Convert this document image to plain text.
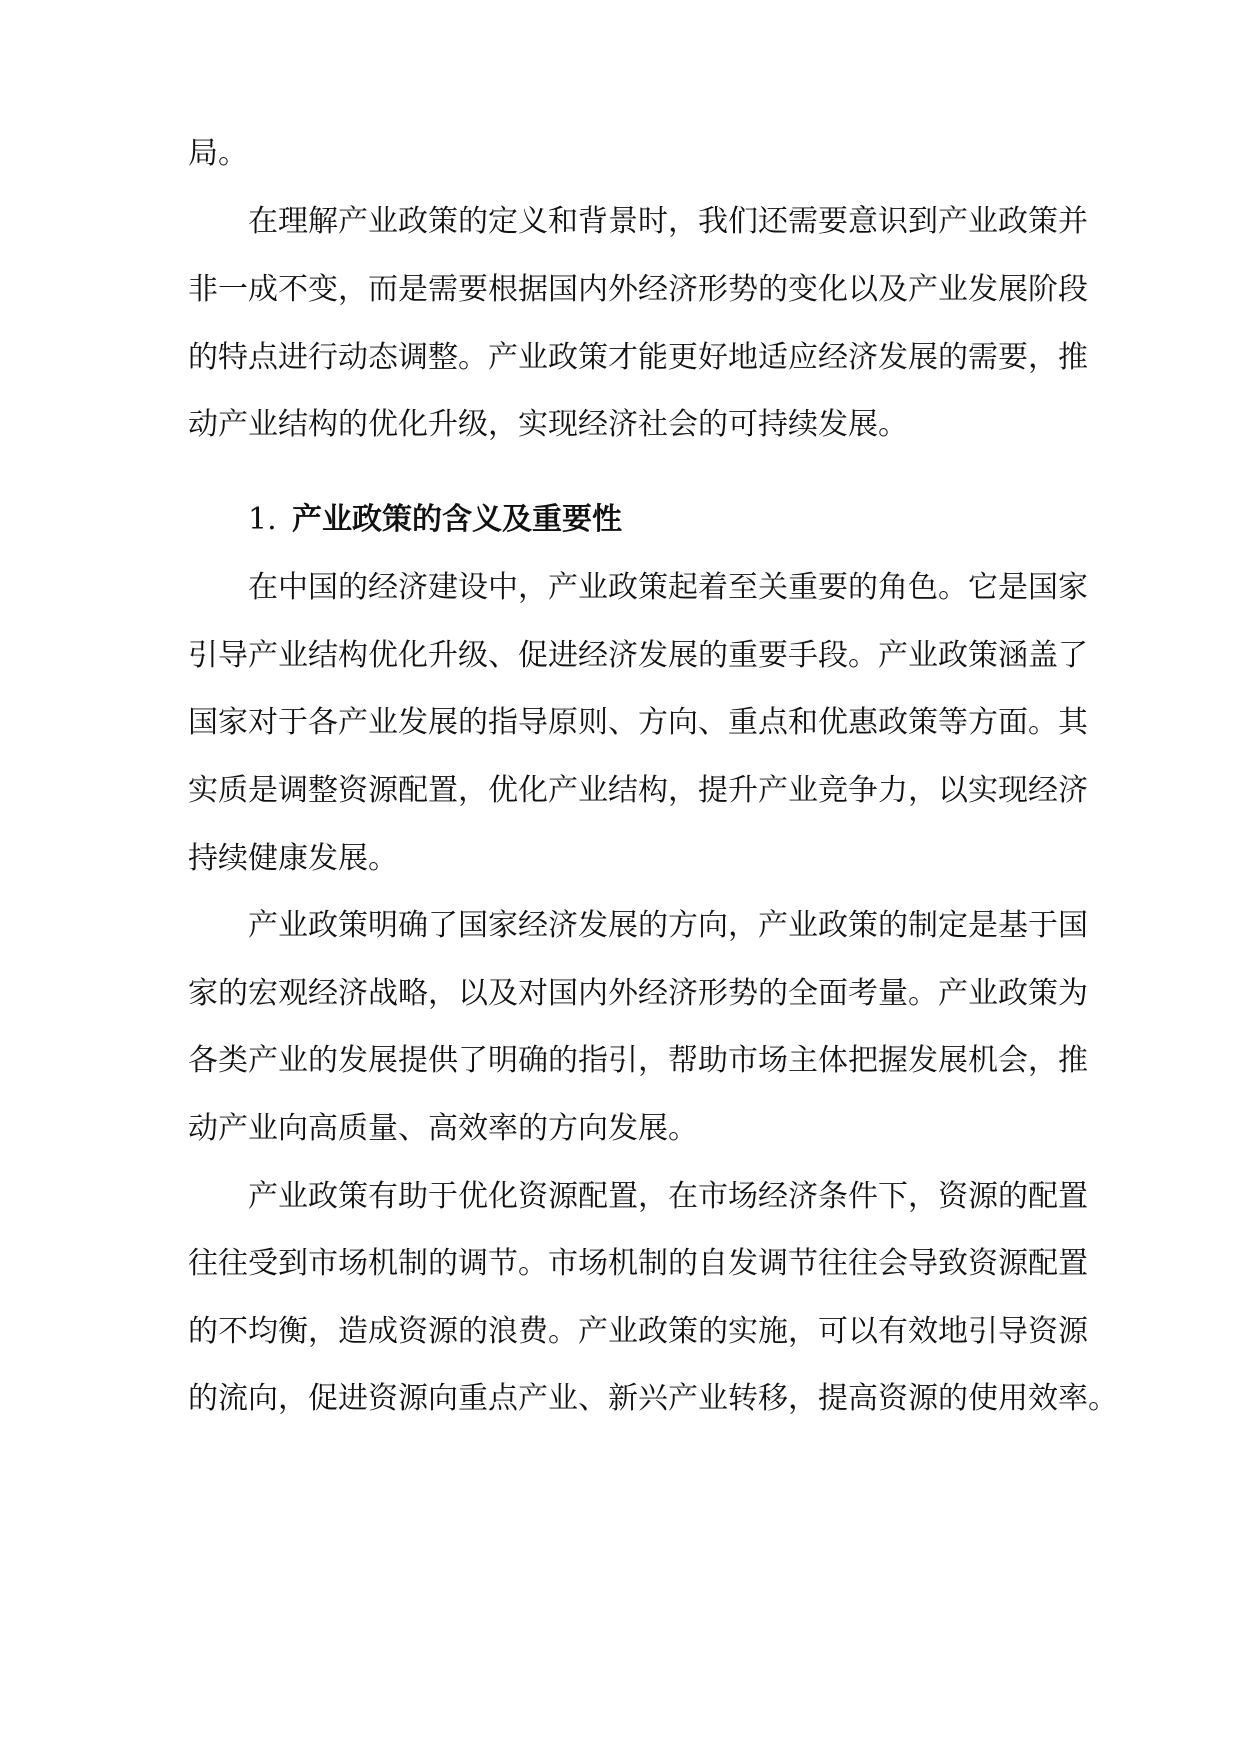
局。
在理解产业政策的定义和背景时，我们还需要意识到产业政策并
非一成不变，而是需要根据国内外经济形势的变化以及产业发展阶段
的特点进行动态调整。产业政策才能更好地适应经济发展的需要，推
动产业结构的优化升级，实现经济社会的可持续发展。
1. 产业政策的含义及重要性
在中国的经济建设中，产业政策起着至关重要的角色。它是国家
引导产业结构优化升级、促进经济发展的重要手段。产业政策涵盖了
国家对于各产业发展的指导原则、方向、重点和优惠政策等方面。其
实质是调整资源配置，优化产业结构，提升产业竞争力，以实现经济
持续健康发展。
产业政策明确了国家经济发展的方向，产业政策的制定是基于国
家的宏观经济战略，以及对国内外经济形势的全面考量。产业政策为
各类产业的发展提供了明确的指引，帮助市场主体把握发展机会，推
动产业向高质量、高效率的方向发展。
产业政策有助于优化资源配置，在市场经济条件下，资源的配置
往往受到市场机制的调节。市场机制的自发调节往往会导致资源配置
的不均衡，造成资源的浪费。产业政策的实施，可以有效地引导资源
的流向，促进资源向重点产业、新兴产业转移，提高资源的使用效率。
